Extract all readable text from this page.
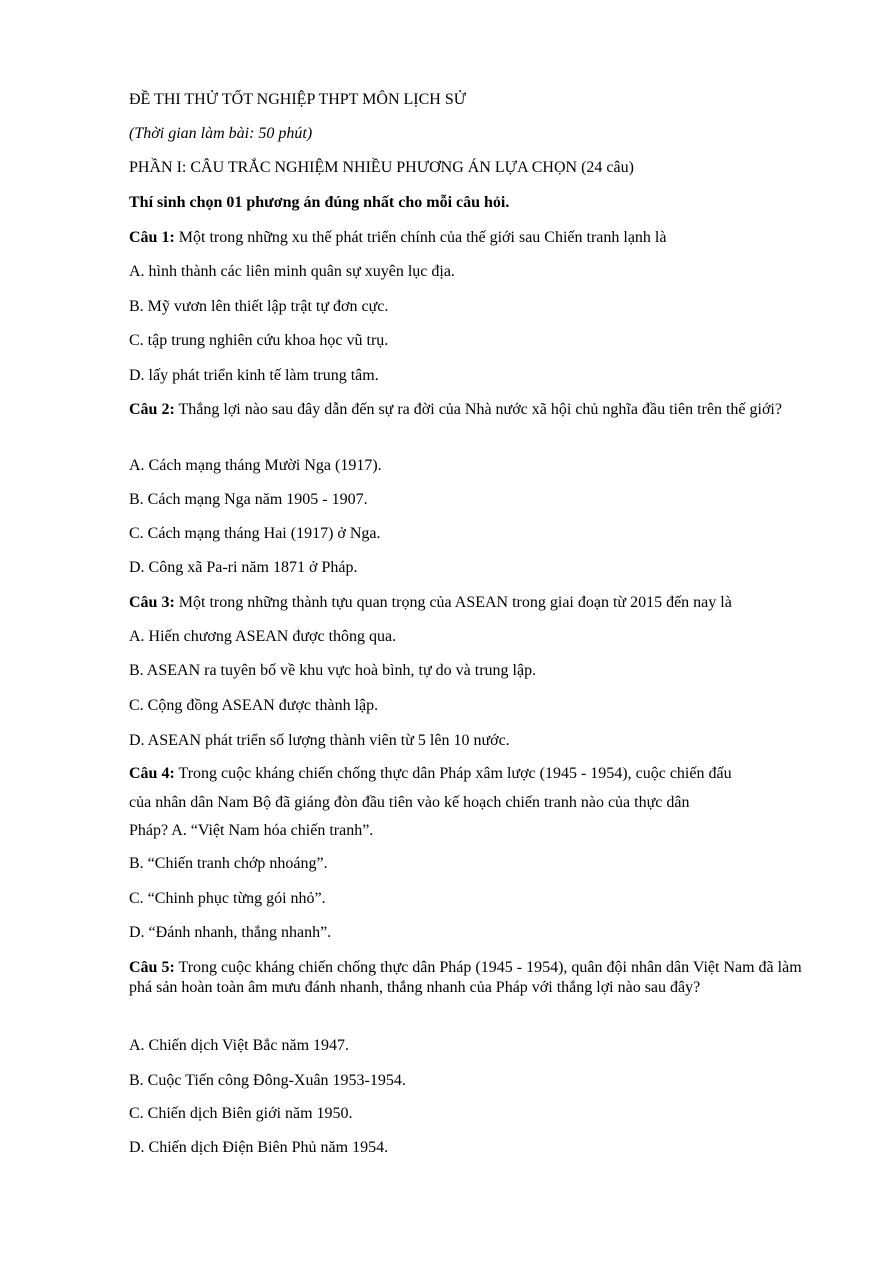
ĐỀ THI THỬ TỐT NGHIỆP THPT MÔN LỊCH SỬ

(Thời gian làm bài: 50 phút)

PHẦN I: CÂU TRẮC NGHIỆM NHIỀU PHƯƠNG ÁN LỰA CHỌN (24 câu)

Thí sinh chọn 01 phương án đúng nhất cho mỗi câu hỏi.

Câu 1: Một trong những xu thế phát triển chính của thế giới sau Chiến tranh lạnh là

A. hình thành các liên minh quân sự xuyên lục địa.

B. Mỹ vươn lên thiết lập trật tự đơn cực.

C. tập trung nghiên cứu khoa học vũ trụ.

D. lấy phát triển kinh tế làm trung tâm.

Câu 2: Thắng lợi nào sau đây dẫn đến sự ra đời của Nhà nước xã hội chủ nghĩa đầu tiên trên thế giới?

A. Cách mạng tháng Mười Nga (1917).

B. Cách mạng Nga năm 1905 - 1907.

C. Cách mạng tháng Hai (1917) ở Nga.

D. Công xã Pa-ri năm 1871 ở Pháp.

Câu 3: Một trong những thành tựu quan trọng của ASEAN trong giai đoạn từ 2015 đến nay là

A. Hiến chương ASEAN được thông qua.

B. ASEAN ra tuyên bố về khu vực hoà bình, tự do và trung lập.

C. Cộng đồng ASEAN được thành lập.

D. ASEAN phát triển số lượng thành viên từ 5 lên 10 nước.

Câu 4: Trong cuộc kháng chiến chống thực dân Pháp xâm lược (1945 - 1954), cuộc chiến đấu

của nhân dân Nam Bộ đã giáng đòn đầu tiên vào kế hoạch chiến tranh nào của thực dân

Pháp? A. “Việt Nam hóa chiến tranh”.

B. “Chiến tranh chớp nhoáng”.

C. “Chinh phục từng gói nhỏ”.

D. “Đánh nhanh, thắng nhanh”.

Câu 5: Trong cuộc kháng chiến chống thực dân Pháp (1945 - 1954), quân đội nhân dân Việt Nam đã làm phá sản hoàn toàn âm mưu đánh nhanh, thắng nhanh của Pháp với thắng lợi nào sau đây?

A. Chiến dịch Việt Bắc năm 1947.

B. Cuộc Tiến công Đông-Xuân 1953-1954.

C. Chiến dịch Biên giới năm 1950.

D. Chiến dịch Điện Biên Phủ năm 1954.
